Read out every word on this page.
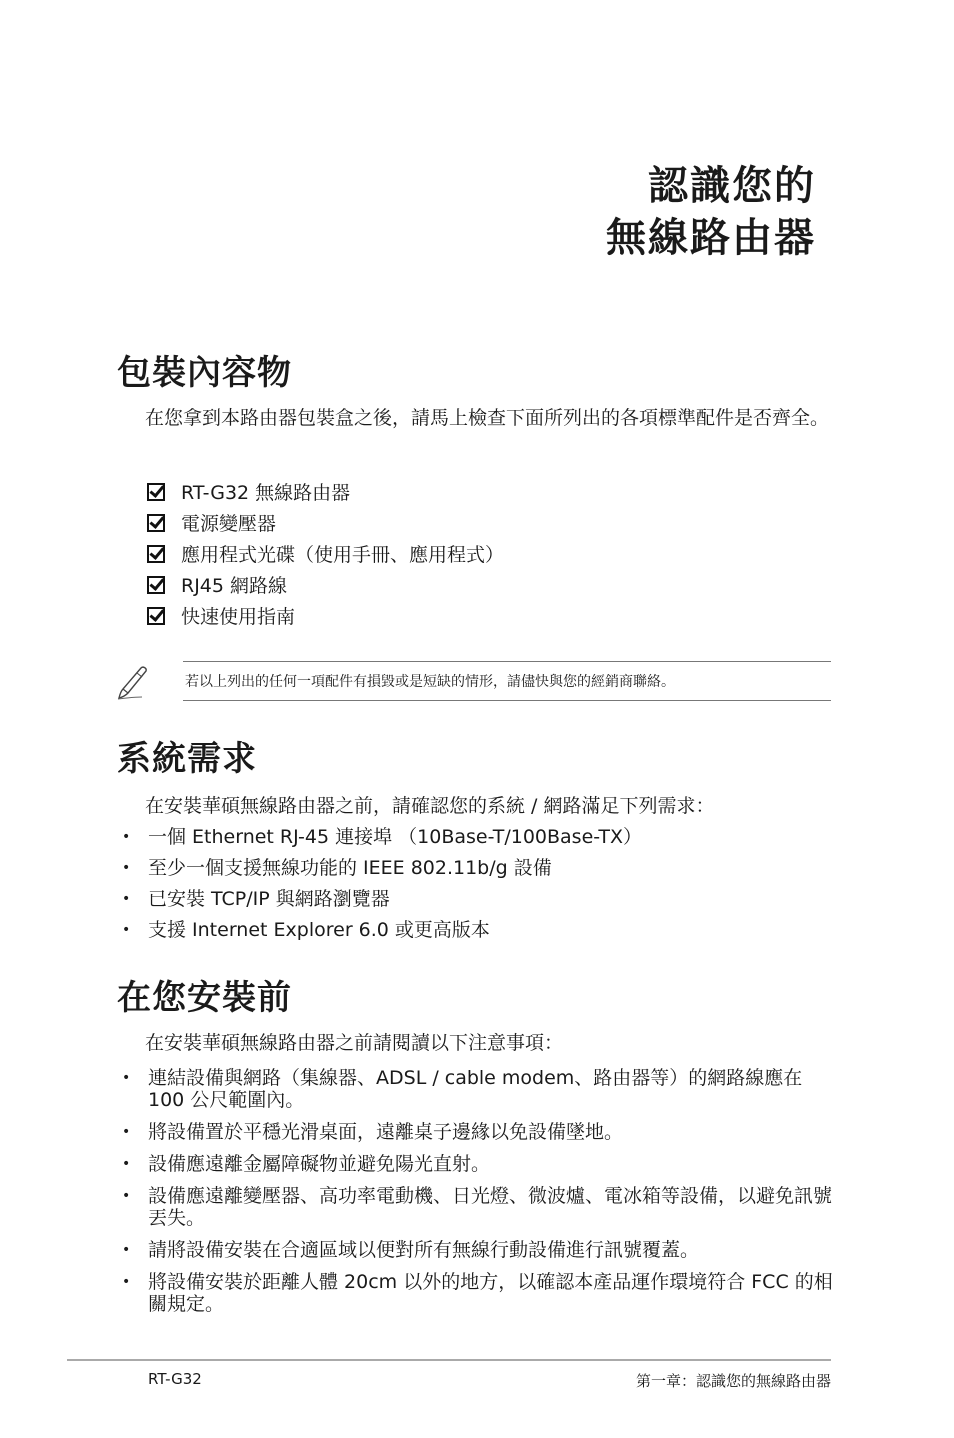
認識您的
無線路由器
包裝內容物

在您拿到本路由器包裝盒之後，請馬上檢查下面所列出的各項標準配件是否齊全。

RT-G32 無線路由器
電源變壓器
應用程式光碟（使用手冊、應用程式）
RJ45 網路線
快速使用指南
若以上列出的任何一項配件有損毀或是短缺的情形，請儘快與您的經銷商聯絡。
系統需求

在安裝華碩無線路由器之前，請確認您的系統 / 網路滿足下列需求：

• 一個 Ethernet RJ-45 連接埠 （10Base-T/100Base-TX）
• 至少一個支援無線功能的 IEEE 802.11b/g 設備
• 已安裝 TCP/IP 與網路瀏覽器
• 支援 Internet Explorer 6.0 或更高版本
在您安裝前

在安裝華碩無線路由器之前請閱讀以下注意事項：

• 連結設備與網路（集線器、ADSL / cable modem、路由器等）的網路線應在 100 公尺範圍內。
• 將設備置於平穩光滑桌面，遠離桌子邊緣以免設備墜地。
• 設備應遠離金屬障礙物並避免陽光直射。
• 設備應遠離變壓器、高功率電動機、日光燈、微波爐、電冰箱等設備，以避免訊號丟失。
• 請將設備安裝在合適區域以便對所有無線行動設備進行訊號覆蓋。
• 將設備安裝於距離人體 20cm 以外的地方，以確認本產品運作環境符合 FCC 的相關規定。
RT-G32	第一章：認識您的無線路由器
